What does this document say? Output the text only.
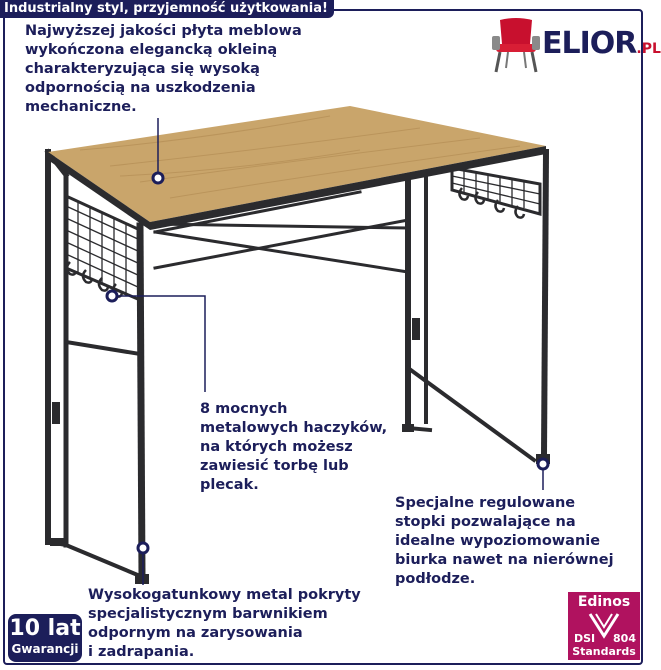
Industrialny styl, przyjemność użytkowania!
ELIOR.PL
Najwyższej jakości płyta meblowa
wykończona elegancką okleiną
charakteryzująca się wysoką
odpornością na uszkodzenia
mechaniczne.
8 mocnych
metalowych haczyków,
na których możesz
zawiesić torbę lub
plecak.
Specjalne regulowane
stopki pozwalające na
idealne wypoziomowanie
biurka nawet na nierównej
podłodze.
Wysokogatunkowy metal pokryty
specjalistycznym barwnikiem
odpornym na zarysowania
i zadrapania.
10 lat
Gwarancji
Edinos
DSI 804
Standards
